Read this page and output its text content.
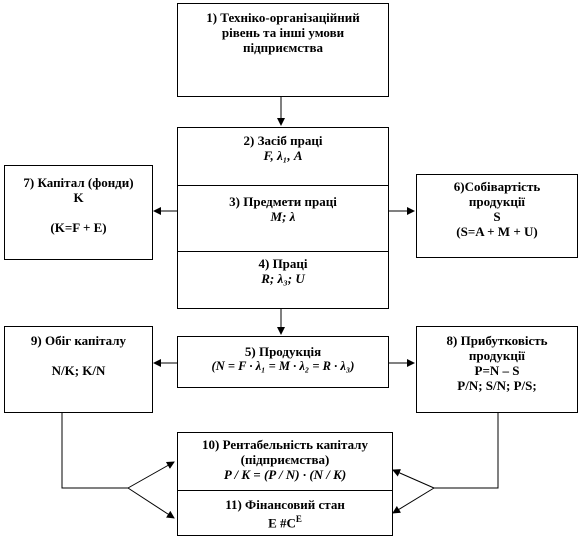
1) Техніко-організаційний
рівень та інші умови
підприємства
2) Засіб праці
F, λ₁, A
3) Предмети праці
M; λ
4) Праці
R; λ₃; U
7) Капітал (фонди)
K
(K=F + E)
6)Собівартість
продукції
S
(S=A + M + U)
5) Продукція
(N = F · λ₁ = M · λ₂ = R · λ₃)
9) Обіг капіталу
N/K; K/N
8) Прибутковість
продукції
P=N – S
P/N; S/N; P/S;
10) Рентабельність капіталу
(підприємства)
P / K = (P / N) · (N / K)
11) Фінансовий стан
E $\#C^E$
